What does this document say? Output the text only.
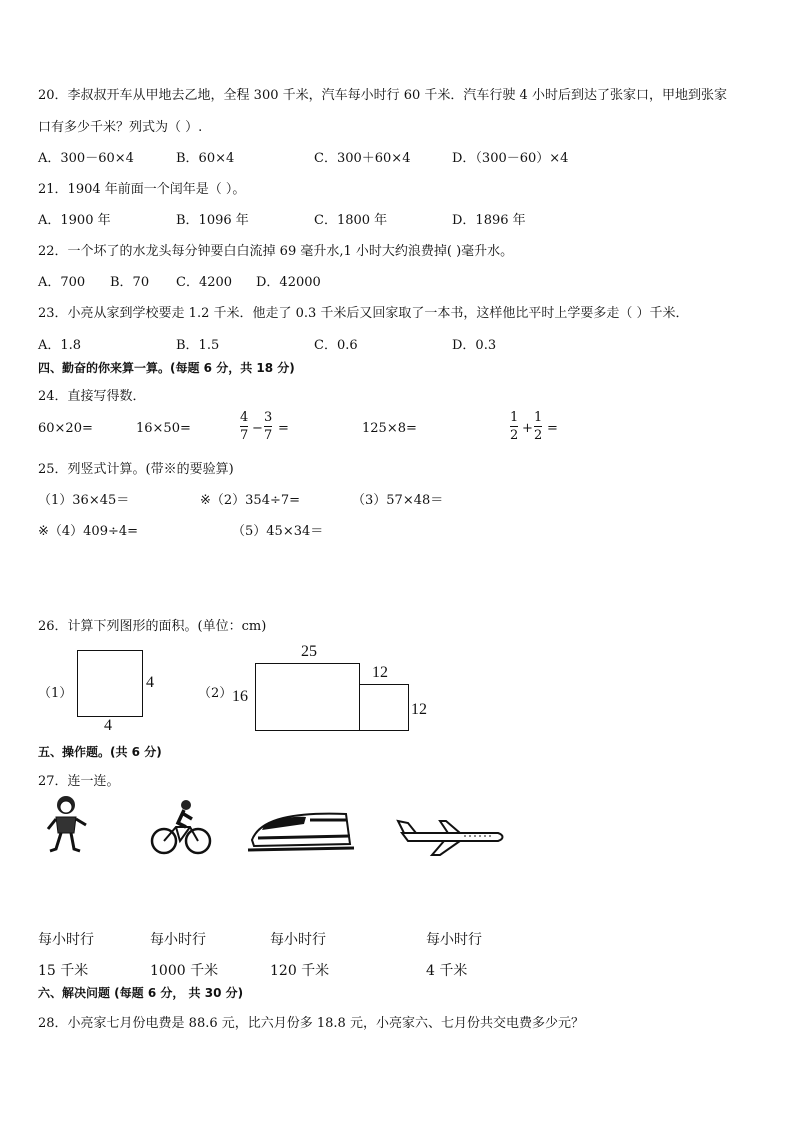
20．李叔叔开车从甲地去乙地，全程 300 千米，汽车每小时行 60 千米．汽车行驶 4 小时后到达了张家口，甲地到张家
口有多少千米？列式为（ ）.
A．300－60×4	B．60×4	C．300＋60×4	D．（300－60）×4
21．1904 年前面一个闰年是（ ）。
A．1900 年	B．1096 年	C．1800 年	D．1896 年
22．一个坏了的水龙头每分钟要白白流掉 69 毫升水,1 小时大约浪费掉( )毫升水。
A．700 B．70 C．4200 D．42000
23．小亮从家到学校要走 1.2 千米．他走了 0.3 千米后又回家取了一本书，这样他比平时上学要多走（ ）千米．
A．1.8	B．1.5	C．0.6	D．0.3
四、勤奋的你来算一算。(每题 6 分，共 18 分)
24．直接写得数．
60×20=	16×50=
4
7 −
3
7 =	125×8=
1
2 +
1
2 =
25．列竖式计算。(带※的要验算)
（1）36×45＝	※（2）354÷7=	（3）57×48＝
※（4）409÷4=	（5）45×34＝
26．计算下列图形的面积。(单位：cm)
（1）
4
4
（2） 16
25
12
12
五、操作题。(共 6 分)
27．连一连。
每小时行	每小时行	每小时行	每小时行
15 千米	1000 千米	120 千米	4 千米
六、解决问题 (每题 6 分， 共 30 分)
28．小亮家七月份电费是 88.6 元，比六月份多 18.8 元，小亮家六、七月份共交电费多少元？
